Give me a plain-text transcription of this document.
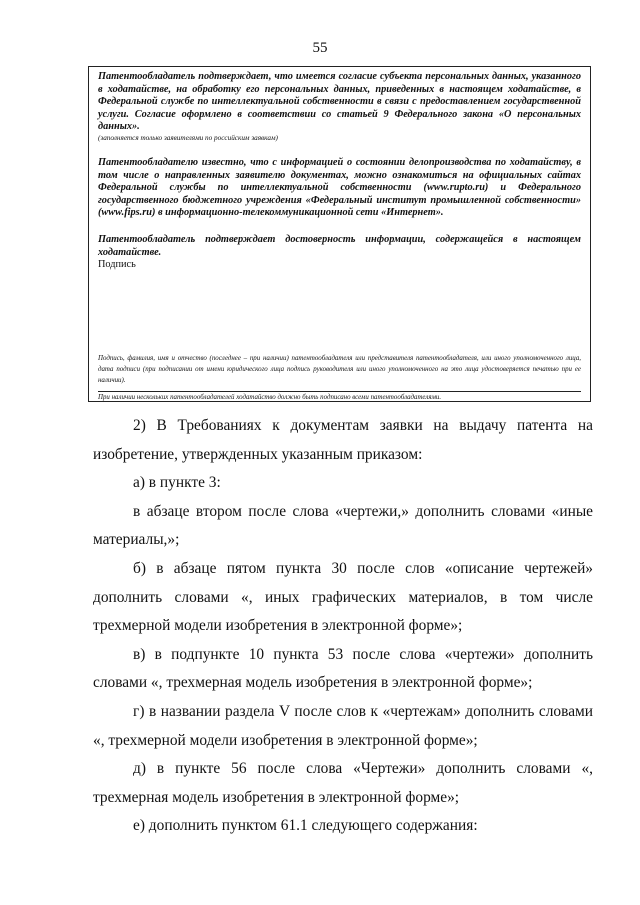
55

Патентообладатель подтверждает, что имеется согласие субъекта персональных данных, указанного в ходатайстве, на обработку его персональных данных, приведенных в настоящем ходатайстве, в Федеральной службе по интеллектуальной собственности в связи с предоставлением государственной услуги. Согласие оформлено в соответствии со статьей 9 Федерального закона «О персональных данных».

(заполняется только заявителями по российским заявкам)

Патентообладателю известно, что с информацией о состоянии делопроизводства по ходатайству, в том числе о направленных заявителю документах, можно ознакомиться на официальных сайтах Федеральной службы по интеллектуальной собственности (www.rupto.ru) и Федерального государственного бюджетного учреждения «Федеральный институт промышленной собственности» (www.fips.ru) в информационно-телекоммуникационной сети «Интернет».

Патентообладатель подтверждает достоверность информации, содержащейся в настоящем ходатайстве.

Подпись

Подпись, фамилия, имя и отчество (последнее – при наличии) патентообладателя или представителя патентообладателя, или иного уполномоченного лица, дата подписи (при подписании от имени юридического лица подпись руководителя или иного уполномоченного на это лица удостоверяется печатью при ее наличии).
При наличии нескольких патентообладателей ходатайство должно быть подписано всеми патентообладателями.

2) В Требованиях к документам заявки на выдачу патента на изобретение, утвержденных указанным приказом:

а) в пункте 3:

в абзаце втором после слова «чертежи,» дополнить словами «иные материалы,»;

б) в абзаце пятом пункта 30 после слов «описание чертежей» дополнить словами «, иных графических материалов, в том числе трехмерной модели изобретения в электронной форме»;

в) в подпункте 10 пункта 53 после слова «чертежи» дополнить словами «, трехмерная модель изобретения в электронной форме»;

г) в названии раздела V после слов к «чертежам» дополнить словами «, трехмерной модели изобретения в электронной форме»;

д) в пункте 56 после слова «Чертежи» дополнить словами «, трехмерная модель изобретения в электронной форме»;

е) дополнить пунктом 61.1 следующего содержания:
